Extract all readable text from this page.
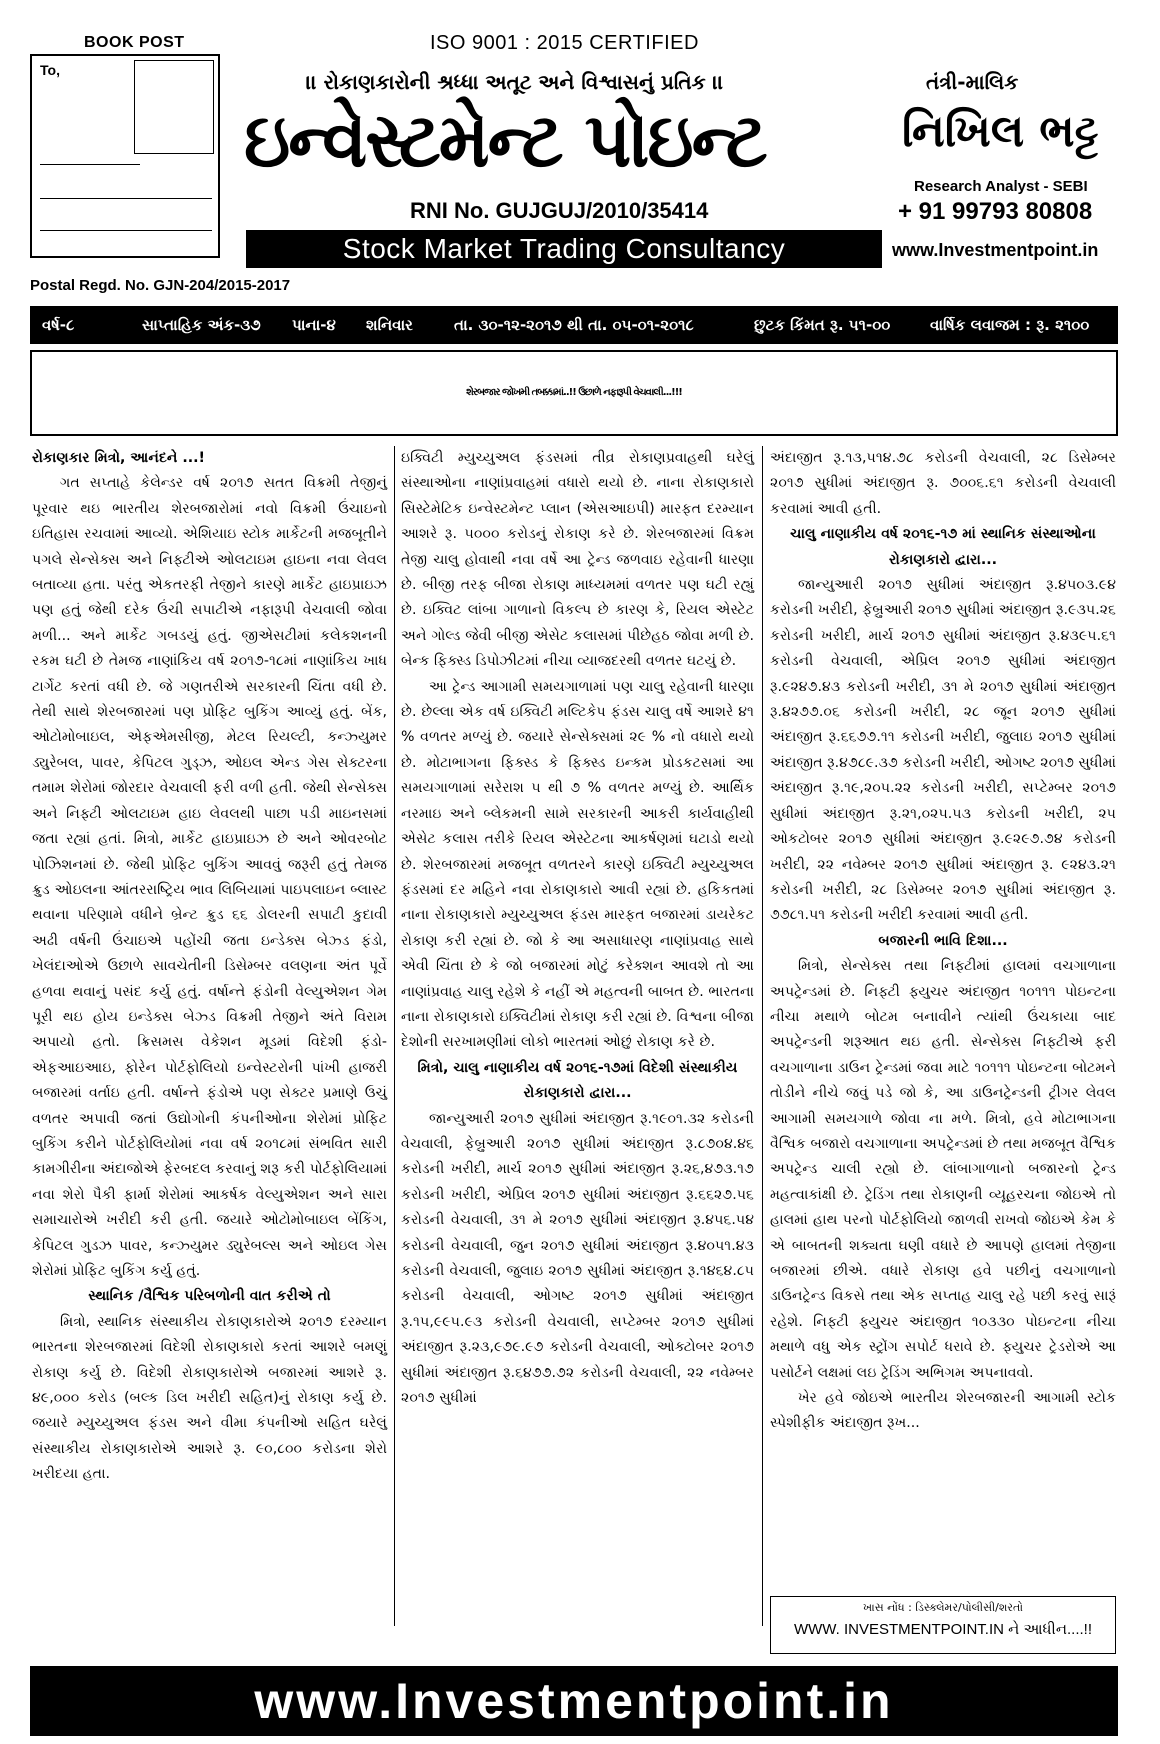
BOOK POST
To,
ISO 9001 : 2015 CERTIFIED
।। રોકાણકારોની શ્રધ્ધા અતૂટ અને વિશ્વાસનું પ્રતિક ।।
ઇન્વેસ્ટમેન્ટ પોઇન્ટ
RNI No. GUJGUJ/2010/35414
Stock Market Trading Consultancy
તંત્રી-માલિક
નિખિલ ભટ્ટ
Research Analyst - SEBI
+ 91 99793 80808
www.Investmentpoint.in
Postal Regd. No. GJN-204/2015-2017
વર્ષ-૮	સાપ્તાહિક અંક-૩૭ પાના-૪ શનિવાર	તા. ૩૦-૧૨-૨૦૧૭ થી તા. ૦૫-૦૧-૨૦૧૮	છુટક કિંમત રૂ. ૫૧-૦૦	વાર્ષિક લવાજમ : રૂ. ૨૧૦૦
શેરબજાર જોખમી તબક્કામાં..!! ઉછાળે નફારૂપી વેચવાલી...!!!

રોકાણકાર મિત્રો, આનંદને ...!

ગત સપ્તાહે કેલેન્ડર વર્ષ ૨૦૧૭ સતત વિક્રમી તેજીનું પૂરવાર થઇ ભારતીય શેરબજારોમાં નવો વિક્રમી ઉંચાઇનો ઇતિહાસ રચવામાં આવ્યો. એશિયાઇ સ્ટોક માર્કેટની મજબૂતીને પગલે સેન્સેક્સ અને નિફ્ટીએ ઓલટાઇમ હાઇના નવા લેવલ બતાવ્યા હતા. પરંતુ એકતરફી તેજીને કારણે માર્કેટ હાઇપ્રાઇઝ પણ હતું જેથી દરેક ઉંચી સપાટીએ નફારૂપી વેચવાલી જોવા મળી... અને માર્કેટ ગબડયું હતું. જીએસટીમાં કલેકશનની રકમ ઘટી છે તેમજ નાણાંકિય વર્ષ ૨૦૧૭-૧૮માં નાણાંકિય ખાધ ટાર્ગેટ કરતાં વધી છે. જે ગણતરીએ સરકારની ચિંતા વધી છે. તેથી સાથે શેરબજારમાં પણ પ્રોફિટ બુકિંગ આવ્યું હતું. બેંક, ઓટોમોબાઇલ, એફએમસીજી, મેટલ રિયલ્ટી, કન્ઝ્યુમર ડ્યુરેબલ, પાવર, કેપિટલ ગુડ્ઝ, ઓઇલ એન્ડ ગેસ સેક્ટરના તમામ શેરોમાં જોરદાર વેચવાલી ફરી વળી હતી. જેથી સેન્સેક્સ અને નિફ્ટી ઓલટાઇમ હાઇ લેવલથી પાછા પડી માઇનસમાં જતા રહ્યાં હતાં. મિત્રો, માર્કેટ હાઇપ્રાઇઝ છે અને ઓવરબોટ પોઝિશનમાં છે. જેથી પ્રોફિટ બુકિંગ આવવું જરૂરી હતું તેમજ ક્રુડ ઓઇલના આંતરરાષ્ટ્રિય ભાવ લિબિયામાં પાઇપલાઇન બ્લાસ્ટ થવાના પરિણામે વધીને બ્રેન્ટ ક્રુડ ૬૬ ડોલરની સપાટી કુદાવી અઢી વર્ષની ઉંચાઇએ પહોંચી જતા ઇન્ડેક્સ બેઝ્ડ ફંડો, ખેલંદાઓએ ઉછાળે સાવચેતીની ડિસેમ્બર વલણના અંત પૂર્વે હળવા થવાનું પસંદ કર્યુ હતું. વર્ષાન્તે ફંડોની વેલ્યુએશન ગેમ પૂરી થઇ હોય ઇન્ડેક્સ બેઝ્ડ વિક્રમી તેજીને અંતે વિરામ અપાયો હતો. ક્રિસમસ વેકેશન મૂડમાં વિદેશી ફંડો-એફઆઇઆઇ, ફોરેન પોર્ટફોલિયો ઇન્વેસ્ટરોની પાંખી હાજરી બજારમાં વર્તાઇ હતી. વર્ષાન્તે ફંડોએ પણ સેક્ટર પ્રમાણે ઉચું વળતર અપાવી જતાં ઉદ્યોગોની કંપનીઓના શેરોમાં પ્રોફિટ બુકિંગ કરીને પોર્ટફોલિયોમાં નવા વર્ષ ૨૦૧૮માં સંભવિત સારી કામગીરીના અંદાજોએ ફેરબદલ કરવાનું શરૂ કરી પોર્ટફોલિયામાં નવા શેરો પૈકી ફાર્મા શેરોમાં આકર્ષક વેલ્યુએશન અને સારા સમાચારોએ ખરીદી કરી હતી. જયારે ઓટોમોબાઇલ બેંકિંગ, કેપિટલ ગુડઝ પાવર, કન્ઝ્યુમર ડ્યુરેબલ્સ અને ઓઇલ ગેસ શેરોમાં પ્રોફિટ બુકિંગ કર્યુ હતું.

સ્થાનિક /વૈશ્વિક પરિબળોની વાત કરીએ તો

મિત્રો, સ્થાનિક સંસ્થાકીય રોકાણકારોએ ૨૦૧૭ દરમ્યાન ભારતના શેરબજારમાં વિદેશી રોકાણકારો કરતાં આશરે બમણું રોકાણ કર્યુ છે. વિદેશી રોકાણકારોએ બજારમાં આશરે રૂ. ૪૯,૦૦૦ કરોડ (બલ્ક ડિલ ખરીદી સહિત)નું રોકાણ કર્યુ છે. જયારે મ્યુચ્યુઅલ ફંડસ અને વીમા કંપનીઓ સહિત ઘરેલું સંસ્થાકીય રોકાણકારોએ આશરે રૂ. ૯૦,૮૦૦ કરોડના શેરો ખરીદયા હતા.

ઇક્વિટી મ્યુચ્યુઅલ ફંડસમાં તીવ્ર રોકાણપ્રવાહથી ઘરેલું સંસ્થાઓના નાણાંપ્રવાહમાં વધારો થયો છે. નાના રોકાણકારો સિસ્ટેમેટિક ઇન્વેસ્ટમેન્ટ પ્લાન (એસઆઇપી) મારફત દરમ્યાન આશરે રૂ. ૫૦૦૦ કરોડનું રોકાણ કરે છે. શેરબજારમાં વિક્રમ તેજી ચાલુ હોવાથી નવા વર્ષે આ ટ્રેન્ડ જળવાઇ રહેવાની ધારણા છે. બીજી તરફ બીજા રોકાણ માધ્યમમાં વળતર પણ ઘટી રહ્યું છે. ઇક્વિટ લાંબા ગાળાનો વિકલ્પ છે કારણ કે, રિયલ એસ્ટેટ અને ગોલ્ડ જેવી બીજી એસેટ કલાસમાં પીછેહઠ જોવા મળી છે. બેન્ક ફિક્સ્ડ ડિપોઝીટમાં નીચા વ્યાજદરથી વળતર ઘટયું છે.

આ ટ્રેન્ડ આગામી સમયગાળામાં પણ ચાલુ રહેવાની ધારણા છે. છેલ્લા એક વર્ષ ઇક્વિટી મલ્ટિકેપ ફંડસ ચાલુ વર્ષે આશરે ૪૧ % વળતર મળ્યું છે. જયારે સેન્સેક્સમાં ૨૯ % નો વધારો થયો છે. મોટાભાગના ફિક્સ્ડ કે ફિક્સ્ડ ઇન્કમ પ્રોડકટસમાં આ સમયગાળામાં સરેરાશ ૫ થી ૭ % વળતર મળ્યું છે. આર્થિક નરમાઇ અને બ્લેકમની સામે સરકારની આકરી કાર્યવાહીથી એસેટ કલાસ તરીકે રિયલ એસ્ટેટના આકર્ષણમાં ઘટાડો થયો છે. શેરબજારમાં મજબૂત વળતરને કારણે ઇક્વિટી મ્યુચ્યુઅલ ફંડસમાં દર મહિને નવા રોકાણકારો આવી રહ્યાં છે. હકિકતમાં નાના રોકાણકારો મ્યુચ્યુઅલ ફંડસ મારફત બજારમાં ડાયરેકટ રોકાણ કરી રહ્યાં છે. જો કે આ અસાધારણ નાણાંપ્રવાહ સાથે એવી ચિંતા છે કે જો બજારમાં મોટું કરેક્શન આવશે તો આ નાણાંપ્રવાહ ચાલુ રહેશે કે નહીં એ મહત્વની બાબત છે. ભારતના નાના રોકાણકારો ઇક્વિટીમાં રોકાણ કરી રહ્યાં છે. વિશ્વના બીજા દેશોની સરખામણીમાં લોકો ભારતમાં ઓછું રોકાણ કરે છે.

મિત્રો, ચાલુ નાણાકીય વર્ષ ૨૦૧૬-૧૭માં વિદેશી સંસ્થાકીય રોકાણકારો દ્વારા...

જાન્યુઆરી ૨૦૧૭ સુધીમાં અંદાજીત રૂ.૧૯૦૧.૩૨ કરોડની વેચવાલી, ફેબ્રુઆરી ૨૦૧૭ સુધીમાં અંદાજીત રૂ.૮૭૦૪.૪૬ કરોડની ખરીદી, માર્ચ ૨૦૧૭ સુધીમાં અંદાજીત રૂ.૨૬,૪૭૩.૧૭ કરોડની ખરીદી, એપ્રિલ ૨૦૧૭ સુધીમાં અંદાજીત રૂ.૬૬૨૭.૫૬ કરોડની વેચવાલી, ૩૧ મે ૨૦૧૭ સુધીમાં અંદાજીત રૂ.૪૫૬.૫૪ કરોડની વેચવાલી, જુન ૨૦૧૭ સુધીમાં અંદાજીત રૂ.૪૦૫૧.૪૩ કરોડની વેચવાલી, જુલાઇ ૨૦૧૭ સુધીમાં અંદાજીત રૂ.૧૪૬૪.૮૫ કરોડની વેચવાલી, ઓગષ્ટ ૨૦૧૭ સુધીમાં અંદાજીત રૂ.૧૫,૯૯૫.૯૩ કરોડની વેચવાલી, સપ્ટેમ્બર ૨૦૧૭ સુધીમાં અંદાજીત રૂ.૨૩,૯૭૯.૯૭ કરોડની વેચવાલી, ઓક્ટોબર ૨૦૧૭ સુધીમાં અંદાજીત રૂ.૬૪૭૭.૭૨ કરોડની વેચવાલી, ૨૨ નવેમ્બર ૨૦૧૭ સુધીમાં

અંદાજીત રૂ.૧૩,૫૧૪.૭૮ કરોડની વેચવાલી, ૨૮ ડિસેમ્બર ૨૦૧૭ સુધીમાં અંદાજીત રૂ. ૭૦૦૬.૬૧ કરોડની વેચવાલી કરવામાં આવી હતી.

ચાલુ નાણાકીય વર્ષ ૨૦૧૬-૧૭ માં સ્થાનિક સંસ્થાઓના રોકાણકારો દ્વારા...

જાન્યુઆરી ૨૦૧૭ સુધીમાં અંદાજીત રૂ.૪૫૦૩.૯૪ કરોડની ખરીદી, ફેબ્રુઆરી ૨૦૧૭ સુધીમાં અંદાજીત રૂ.૯૩૫.૨૬ કરોડની ખરીદી, માર્ચ ૨૦૧૭ સુધીમાં અંદાજીત રૂ.૪૩૯૫.૬૧ કરોડની વેચવાલી, એપ્રિલ ૨૦૧૭ સુધીમાં અંદાજીત રૂ.૯૨૪૭.૪૩ કરોડની ખરીદી, ૩૧ મે ૨૦૧૭ સુધીમાં અંદાજીત રૂ.૪૨૭૭.૦૬ કરોડની ખરીદી, ૨૮ જૂન ૨૦૧૭ સુધીમાં અંદાજીત રૂ.૬૬૭૭.૧૧ કરોડની ખરીદી, જુલાઇ ૨૦૧૭ સુધીમાં અંદાજીત રૂ.૪૭૮૯.૩૭ કરોડની ખરીદી, ઓગષ્ટ ૨૦૧૭ સુધીમાં અંદાજીત રૂ.૧૯,૨૦૫.૨૨ કરોડની ખરીદી, સપ્ટેમ્બર ૨૦૧૭ સુધીમાં અંદાજીત રૂ.૨૧,૦૨૫.૫૩ કરોડની ખરીદી, ૨૫ ઓકટોબર ૨૦૧૭ સુધીમાં અંદાજીત રૂ.૯૨૯૭.૭૪ કરોડની ખરીદી, ૨૨ નવેમ્બર ૨૦૧૭ સુધીમાં અંદાજીત રૂ. ૯૨૪૩.૨૧ કરોડની ખરીદી, ૨૮ ડિસેમ્બર ૨૦૧૭ સુધીમાં અંદાજીત રૂ. ૭૭૮૧.૫૧ કરોડની ખરીદી કરવામાં આવી હતી.

બજારની ભાવિ દિશા...

મિત્રો, સેન્સેક્સ તથા નિફ્ટીમાં હાલમાં વચગાળાના અપટ્રેન્ડમાં છે. નિફ્ટી ફ્યુચર અંદાજીત ૧૦૧૧૧ પોઇન્ટના નીચા મથાળે બોટમ બનાવીને ત્યાંથી ઉંચકાયા બાદ અપટ્રેન્ડની શરૂઆત થઇ હતી. સેન્સેક્સ નિફ્ટીએ ફરી વચગાળાના ડાઉન ટ્રેન્ડમાં જવા માટે ૧૦૧૧૧ પોઇન્ટના બોટમને તોડીને નીચે જવું પડે જો કે, આ ડાઉનટ્રેન્ડની ટ્રીગર લેવલ આગામી સમયગાળે જોવા ના મળે. મિત્રો, હવે મોટાભાગના વૈશ્વિક બજારો વચગાળાના અપટ્રેન્ડમાં છે તથા મજબૂત વૈશ્વિક અપટ્રેન્ડ ચાલી રહ્યો છે. લાંબાગાળાનો બજારનો ટ્રેન્ડ મહત્વાકાંક્ષી છે. ટ્રેડિંગ તથા રોકાણની વ્યૂહરચના જોઇએ તો હાલમાં હાથ પરનો પોર્ટફોલિયો જાળવી રાખવો જોઇએ કેમ કે એ બાબતની શક્યતા ઘણી વધારે છે આપણે હાલમાં તેજીના બજારમાં છીએ. વધારે રોકાણ હવે પછીનું વચગાળાનો ડાઉનટ્રેન્ડ વિકસે તથા એક સપ્તાહ ચાલુ રહે પછી કરવું સારૂં રહેશે. નિફ્ટી ફ્યુચર અંદાજીત ૧૦૩૩૦ પોઇન્ટના નીચા મથાળે વધુ એક સ્ટ્રોંગ સપોર્ટ ધરાવે છે. ફ્યુચર ટ્રેડરોએ આ પસોર્ટને લક્ષમાં લઇ ટ્રેડિંગ અભિગમ અપનાવવો.

ખેર હવે જોઇએ ભારતીય શેરબજારની આગામી સ્ટોક સ્પેશીફીક અંદાજીત રૂખ...

ખાસ નોંધ : ડિસ્ક્લેમર/પોલીસી/શરતો
WWW. INVESTMENTPOINT.IN ને આધીન....!!
www.Investmentpoint.in
